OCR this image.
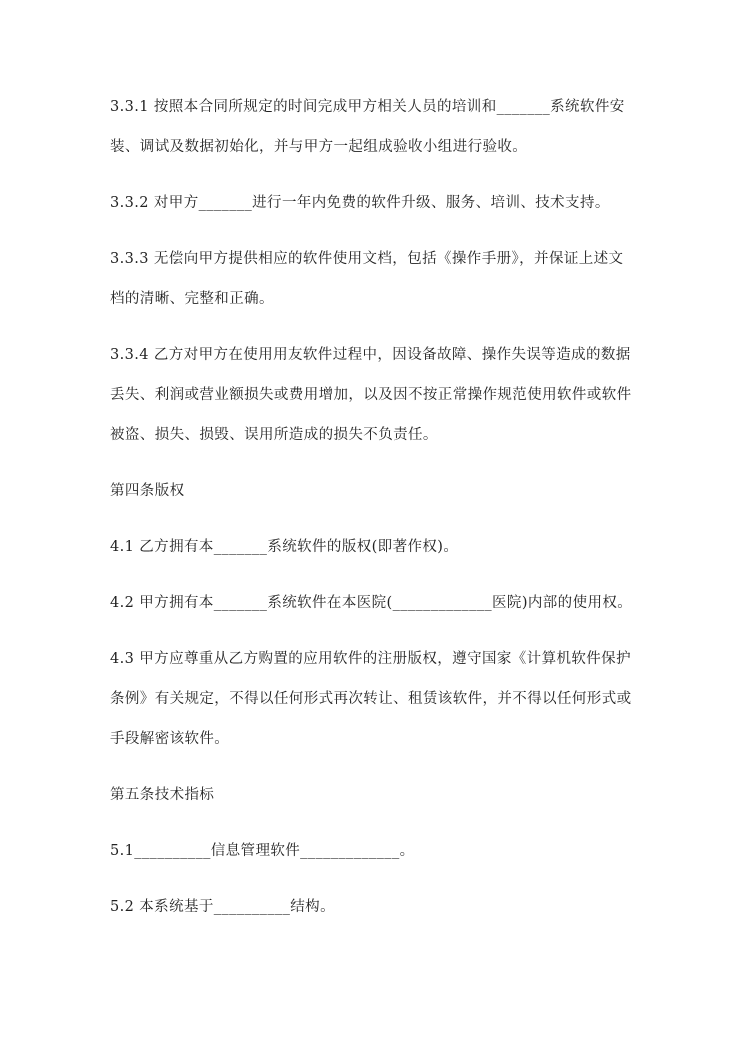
3.3.1 按照本合同所规定的时间完成甲方相关人员的培训和_______系统软件安
装、调试及数据初始化，并与甲方一起组成验收小组进行验收。
3.3.2 对甲方_______进行一年内免费的软件升级、服务、培训、技术支持。
3.3.3 无偿向甲方提供相应的软件使用文档，包括《操作手册》，并保证上述文
档的清晰、完整和正确。
3.3.4 乙方对甲方在使用用友软件过程中，因设备故障、操作失误等造成的数据
丢失、利润或营业额损失或费用增加，以及因不按正常操作规范使用软件或软件
被盗、损失、损毁、误用所造成的损失不负责任。
第四条版权
4.1 乙方拥有本_______系统软件的版权(即著作权)。
4.2 甲方拥有本_______系统软件在本医院(_____________医院)内部的使用权。
4.3 甲方应尊重从乙方购置的应用软件的注册版权，遵守国家《计算机软件保护
条例》有关规定，不得以任何形式再次转让、租赁该软件，并不得以任何形式或
手段解密该软件。
第五条技术指标
5.1__________信息管理软件_____________。
5.2 本系统基于__________结构。
